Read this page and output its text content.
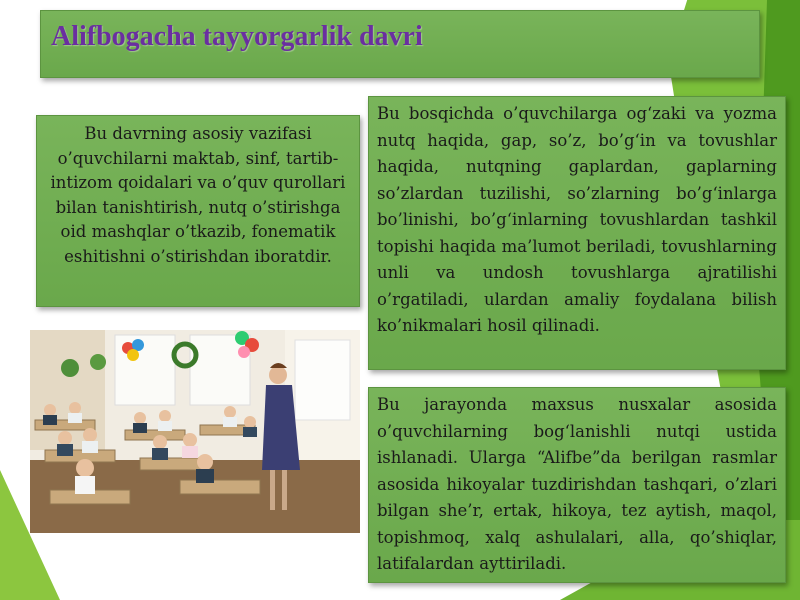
Alifbogacha tayyorgarlik davri
Bu davrning asosiy vazifasi o’quvchilarni maktab, sinf, tartib-intizom qoidalari va o’quv qurollari bilan tanishtirish, nutq o’stirishga oid mashqlar o’tkazib, fonematik eshitishni o’stirishdan iboratdir.
Bu bosqichda o’quvchilarga og‘zaki va yozma nutq haqida, gap, so’z, bo’g‘in va tovushlar haqida, nutqning gaplardan, gaplarning so’zlardan tuzilishi, so’zlarning bo’g‘inlarga bo’linishi, bo’g‘inlarning tovushlardan tashkil topishi haqida ma’lumot beriladi, tovushlarning unli va undosh tovushlarga ajratilishi o’rgatiladi, ulardan amaliy foydalana bilish ko’nikmalari hosil qilinadi.
Bu jarayonda maxsus nusxalar asosida o’quvchilarning bog‘lanishli nutqi ustida ishlanadi. Ularga “Alifbe”da berilgan rasmlar asosida hikoyalar tuzdirishdan tashqari, o’zlari bilgan she’r, ertak, hikoya, tez aytish, maqol, topishmoq, xalq ashulalari, alla, qo’shiqlar, latifalardan ayttiriladi.
